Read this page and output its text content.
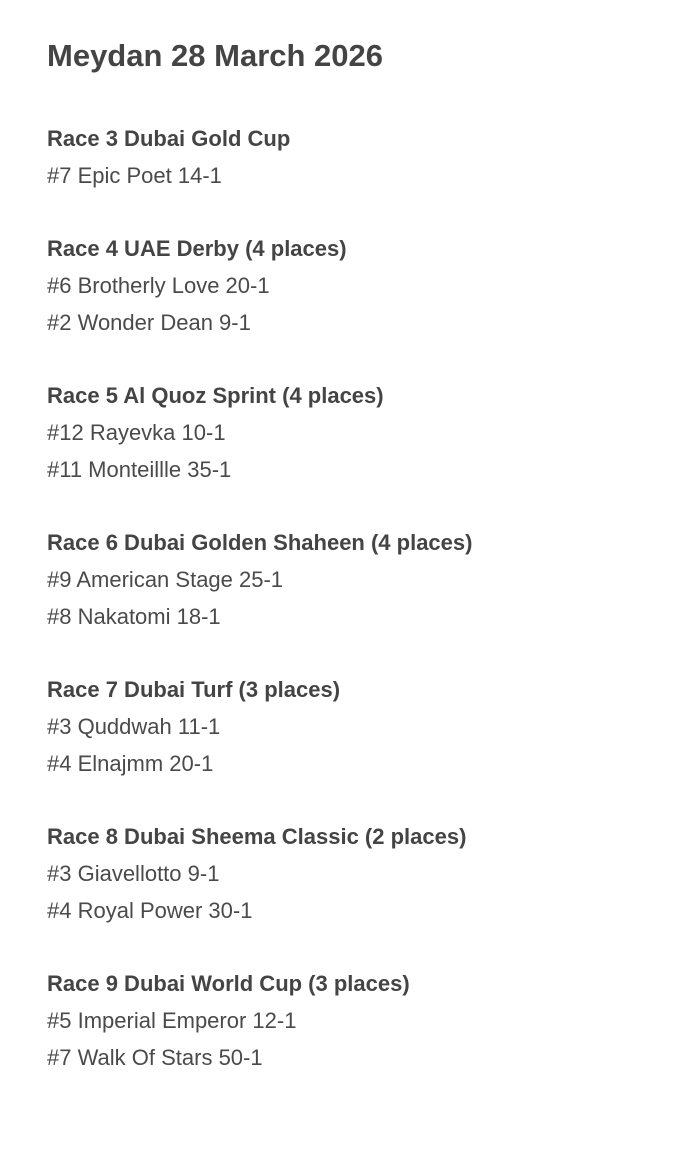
Meydan 28 March 2026

Race 3 Dubai Gold Cup

#7 Epic Poet 14-1

Race 4 UAE Derby (4 places)

#6 Brotherly Love 20-1

#2 Wonder Dean 9-1

Race 5 Al Quoz Sprint (4 places)

#12 Rayevka 10-1

#11 Monteillle 35-1

Race 6 Dubai Golden Shaheen (4 places)

#9 American Stage 25-1

#8 Nakatomi 18-1

Race 7 Dubai Turf (3 places)

#3 Quddwah 11-1

#4 Elnajmm 20-1

Race 8 Dubai Sheema Classic (2 places)

#3 Giavellotto 9-1

#4 Royal Power 30-1

Race 9 Dubai World Cup (3 places)

#5 Imperial Emperor 12-1

#7 Walk Of Stars 50-1
